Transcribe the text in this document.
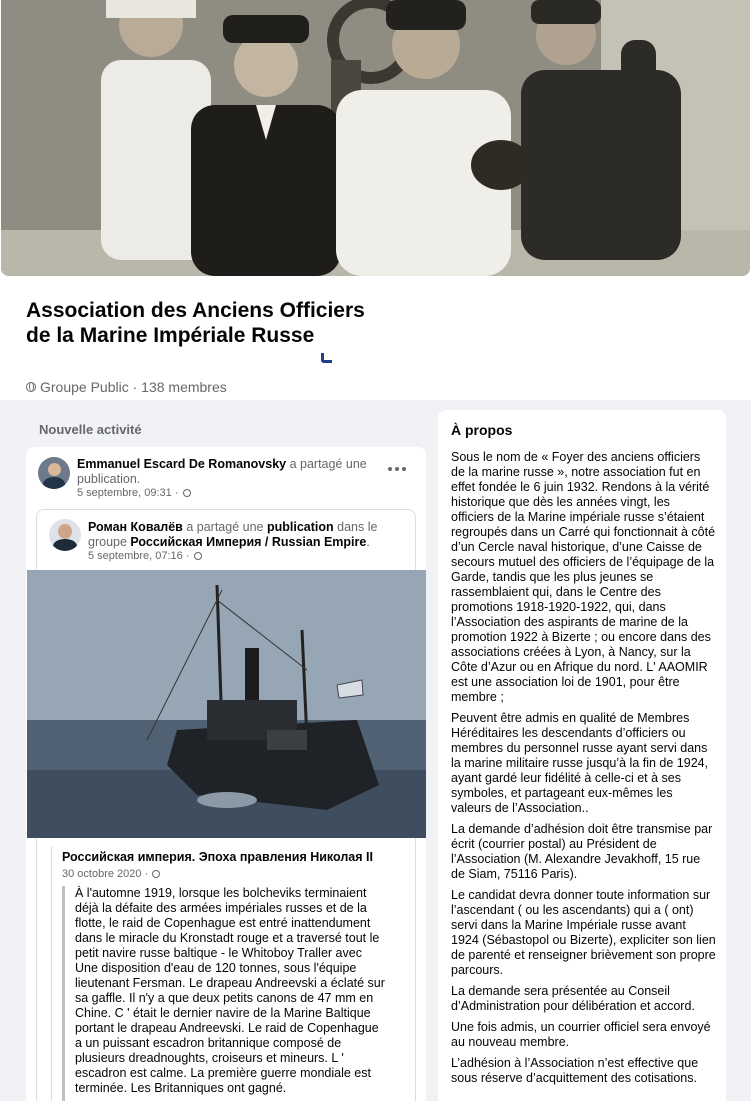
Association des Anciens Officiers de la Marine Impériale Russe
Groupe Public · 138 membres
Nouvelle activité
Emmanuel Escard De Romanovsky a partagé une publication.
5 septembre, 09:31 ·
Роман Ковалёв a partagé une publication dans le groupe Российская Империя / Russian Empire.
5 septembre, 07:16 ·
Российская империя. Эпоха правления Николая II
30 octobre 2020 ·
À l'automne 1919, lorsque les bolcheviks terminaient déjà la défaite des armées impériales russes et de la flotte, le raid de Copenhague est entré inattendument dans le miracle du Kronstadt rouge et a traversé tout le petit navire russe baltique - le Whitoboy Traller avec Une disposition d'eau de 120 tonnes, sous l'équipe lieutenant Fersman. Le drapeau Andreevski a éclaté sur sa gaffle. Il n'y a que deux petits canons de 47 mm en Chine. C ' était le dernier navire de la Marine Baltique portant le drapeau Andreevski. Le raid de Copenhague a un puissant escadron britannique composé de plusieurs dreadnoughts, croiseurs et mineurs. L ' escadron est calme. La première guerre mondiale est terminée. Les Britanniques ont gagné.
À propos

Sous le nom de « Foyer des anciens officiers de la marine russe », notre association fut en effet fondée le 6 juin 1932. Rendons à la vérité historique que dès les années vingt, les officiers de la Marine impériale russe s’étaient regroupés dans un Carré qui fonctionnait à côté d’un Cercle naval historique, d’une Caisse de secours mutuel des officiers de l’équipage de la Garde, tandis que les plus jeunes se rassemblaient qui, dans le Centre des promotions 1918-1920-1922, qui, dans l’Association des aspirants de marine de la promotion 1922 à Bizerte ; ou encore dans des associations créées à Lyon, à Nancy, sur la Côte d’Azur ou en Afrique du nord. L' AAOMIR est une association loi de 1901, pour être membre ;

Peuvent être admis en qualité de Membres Héréditaires les descendants d’officiers ou membres du personnel russe ayant servi dans la marine militaire russe jusqu’à la fin de 1924, ayant gardé leur fidélité à celle-ci et à ses symboles, et partageant eux-mêmes les valeurs de l’Association..

La demande d’adhésion doit être transmise par écrit (courrier postal) au Président de l’Association (M. Alexandre Jevakhoff, 15 rue de Siam, 75116 Paris).

Le candidat devra donner toute information sur l’ascendant ( ou les ascendants) qui a ( ont) servi dans la Marine Impériale russe avant 1924 (Sébastopol ou Bizerte), expliciter son lien de parenté et renseigner brièvement son propre parcours.

La demande sera présentée au Conseil d’Administration pour délibération et accord.

Une fois admis, un courrier officiel sera envoyé au nouveau membre.

L’adhésion à l’Association n’est effective que sous réserve d’acquittement des cotisations.
